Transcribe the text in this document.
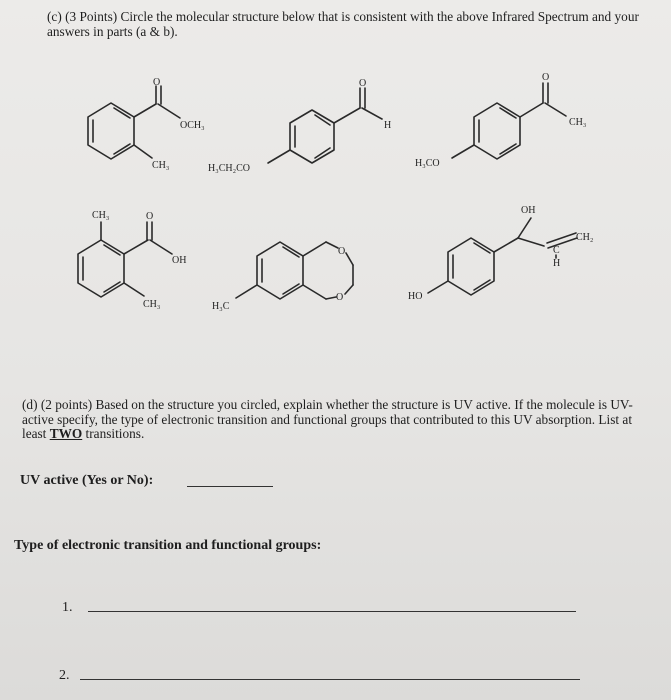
(c) (3 Points) Circle the molecular structure below that is consistent with the above Infrared Spectrum and your answers in parts (a & b).
O
OCH₃
CH₃
O
H
H₃CH₂CO
O
CH₃
H₃CO
CH₃	O
OH
CH₃
O
O
H₃C
OH
CH₂
C
H
HO
(d) (2 points) Based on the structure you circled, explain whether the structure is UV active. If the molecule is UV-active specify, the type of electronic transition and functional groups that contributed to this UV absorption. List at least TWO transitions.
UV active (Yes or No):
Type of electronic transition and functional groups:
1.
2.
